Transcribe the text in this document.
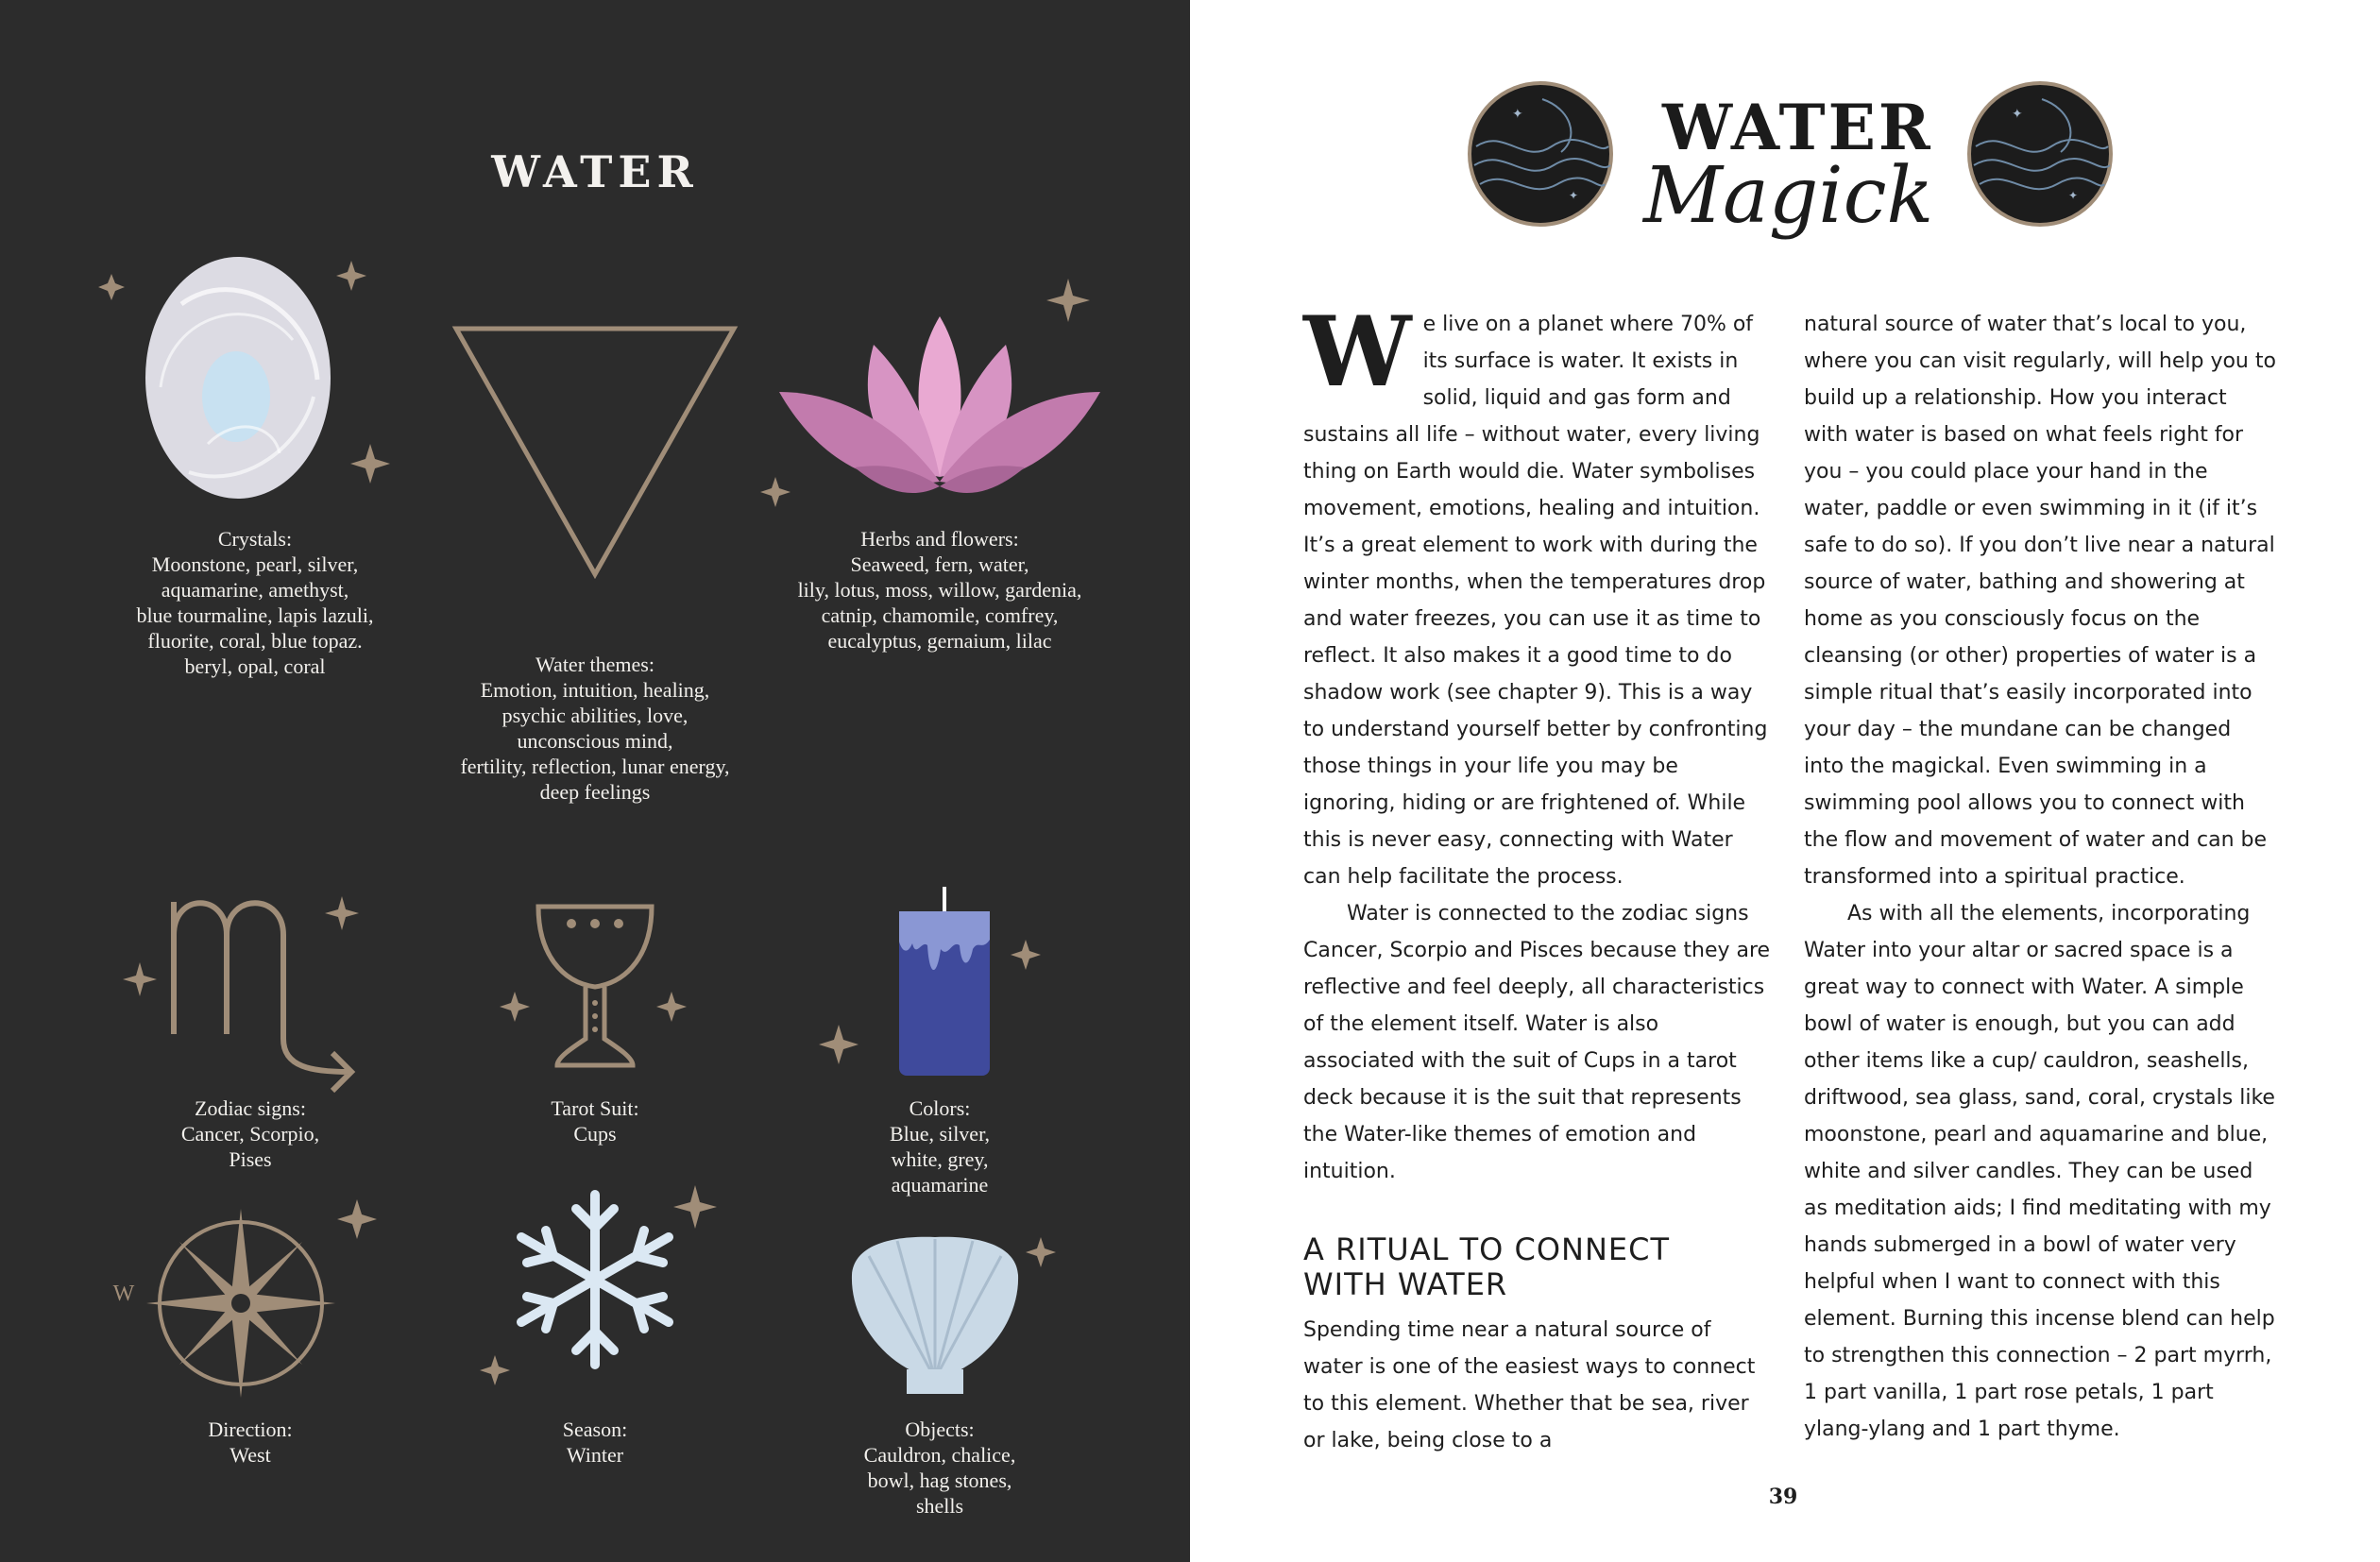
WATER
W
Crystals:
Moonstone, pearl, silver,
aquamarine, amethyst,
blue tourmaline, lapis lazuli,
fluorite, coral, blue topaz.
beryl, opal, coral	Water themes:
Emotion, intuition, healing,
psychic abilities, love,
unconscious mind,
fertility, reflection, lunar energy,
deep feelings
Herbs and flowers:
Seaweed, fern, water,
lily, lotus, moss, willow, gardenia,
catnip, chamomile, comfrey,
eucalyptus, gernaium, lilac
Zodiac signs:
Cancer, Scorpio,
Pises
Tarot Suit:
Cups
Colors:
Blue, silver,
white, grey,
aquamarine
Direction:
West
Season:
Winter
Objects:
Cauldron, chalice,
bowl, hag stones,
shells
✦
✦
✦
✦
WATER
Magick

We live on a planet where 70% of its surface is water. It exists in solid, liquid and gas form and sustains all life – without water, every living thing on Earth would die. Water symbolises movement, emotions, healing and intuition. It’s a great element to work with during the winter months, when the temperatures drop and water freezes, you can use it as time to reflect. It also makes it a good time to do shadow work (see chapter 9). This is a way to understand yourself better by confronting those things in your life you may be ignoring, hiding or are frightened of. While this is never easy, connecting with Water can help facilitate the process.

Water is connected to the zodiac signs Cancer, Scorpio and Pisces because they are reflective and feel deeply, all characteristics of the element itself. Water is also associated with the suit of Cups in a tarot deck because it is the suit that represents the Water-like themes of emotion and intuition.

A RITUAL TO CONNECT
WITH WATER

Spending time near a natural source of water is one of the easiest ways to connect to this element. Whether that be sea, river or lake, being close to a

natural source of water that’s local to you, where you can visit regularly, will help you to build up a relationship. How you interact with water is based on what feels right for you – you could place your hand in the water, paddle or even swimming in it (if it’s safe to do so). If you don’t live near a natural source of water, bathing and showering at home as you consciously focus on the cleansing (or other) properties of water is a simple ritual that’s easily incorporated into your day – the mundane can be changed into the magickal. Even swimming in a swimming pool allows you to connect with the flow and movement of water and can be transformed into a spiritual practice.

As with all the elements, incorporating Water into your altar or sacred space is a great way to connect with Water. A simple bowl of water is enough, but you can add other items like a cup/ cauldron, seashells, driftwood, sea glass, sand, coral, crystals like moonstone, pearl and aquamarine and blue, white and silver candles. They can be used as meditation aids; I find meditating with my hands submerged in a bowl of water very helpful when I want to connect with this element. Burning this incense blend can help to strengthen this connection – 2 part myrrh, 1 part vanilla, 1 part rose petals, 1 part ylang-ylang and 1 part thyme.

39
